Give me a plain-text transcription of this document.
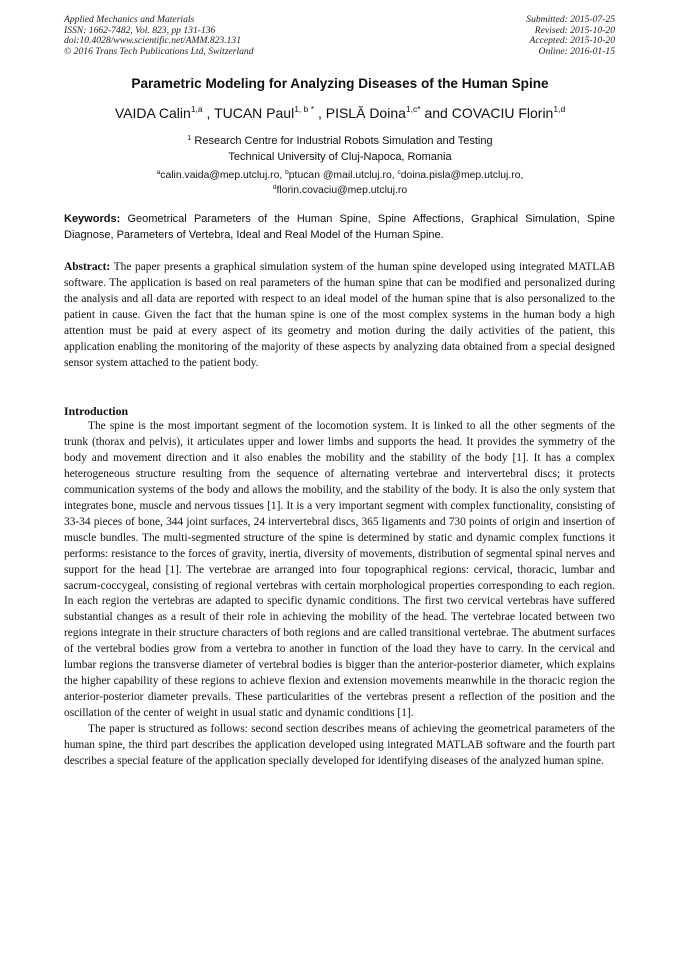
Applied Mechanics and Materials
ISSN: 1662-7482, Vol. 823, pp 131-136
doi:10.4028/www.scientific.net/AMM.823.131
© 2016 Trans Tech Publications Ltd, Switzerland
Submitted: 2015-07-25
Revised: 2015-10-20
Accepted: 2015-10-20
Online: 2016-01-15
Parametric Modeling for Analyzing Diseases of the Human Spine
VAIDA Calin$^{1,a}$ , TUCAN Paul$^{1, b *}$ , PISLĂ Doina$^{1,c*}$ and COVACIU Florin$^{1,d}$
$^1$ Research Centre for Industrial Robots Simulation and Testing
Technical University of Cluj-Napoca, Romania
$^a$calin.vaida@mep.utcluj.ro, $^b$ptucan @mail.utcluj.ro, $^c$doina.pisla@mep.utcluj.ro,
$^d$florin.covaciu@mep.utcluj.ro
Keywords: Geometrical Parameters of the Human Spine, Spine Affections, Graphical Simulation, Spine Diagnose, Parameters of Vertebra, Ideal and Real Model of the Human Spine.
Abstract: The paper presents a graphical simulation system of the human spine developed using integrated MATLAB software. The application is based on real parameters of the human spine that can be modified and personalized during the analysis and all data are reported with respect to an ideal model of the human spine that is also personalized to the patient in cause. Given the fact that the human spine is one of the most complex systems in the human body a high attention must be paid at every aspect of its geometry and motion during the daily activities of the patient, this application enabling the monitoring of the majority of these aspects by analyzing data obtained from a special designed sensor system attached to the patient body.
Introduction

The spine is the most important segment of the locomotion system. It is linked to all the other segments of the trunk (thorax and pelvis), it articulates upper and lower limbs and supports the head. It provides the symmetry of the body and movement direction and it also enables the mobility and the stability of the body [1]. It has a complex heterogeneous structure resulting from the sequence of alternating vertebrae and intervertebral discs; it protects communication systems of the body and allows the mobility, and the stability of the body. It is also the only system that integrates bone, muscle and nervous tissues [1]. It is a very important segment with complex functionality, consisting of 33-34 pieces of bone, 344 joint surfaces, 24 intervertebral discs, 365 ligaments and 730 points of origin and insertion of muscle bundles. The multi-segmented structure of the spine is determined by static and dynamic complex functions it performs: resistance to the forces of gravity, inertia, diversity of movements, distribution of segmental spinal nerves and support for the head [1]. The vertebrae are arranged into four topographical regions: cervical, thoracic, lumbar and sacrum-coccygeal, consisting of regional vertebras with certain morphological properties corresponding to each region. In each region the vertebras are adapted to specific dynamic conditions. The first two cervical vertebras have suffered substantial changes as a result of their role in achieving the mobility of the head. The vertebrae located between two regions integrate in their structure characters of both regions and are called transitional vertebrae. The abutment surfaces of the vertebral bodies grow from a vertebra to another in function of the load they have to carry. In the cervical and lumbar regions the transverse diameter of vertebral bodies is bigger than the anterior-posterior diameter, which explains the higher capability of these regions to achieve flexion and extension movements meanwhile in the thoracic region the anterior-posterior diameter prevails. These particularities of the vertebras present a reflection of the position and the oscillation of the center of weight in usual static and dynamic conditions [1].

The paper is structured as follows: second section describes means of achieving the geometrical parameters of the human spine, the third part describes the application developed using integrated MATLAB software and the fourth part describes a special feature of the application specially developed for identifying diseases of the analyzed human spine.
